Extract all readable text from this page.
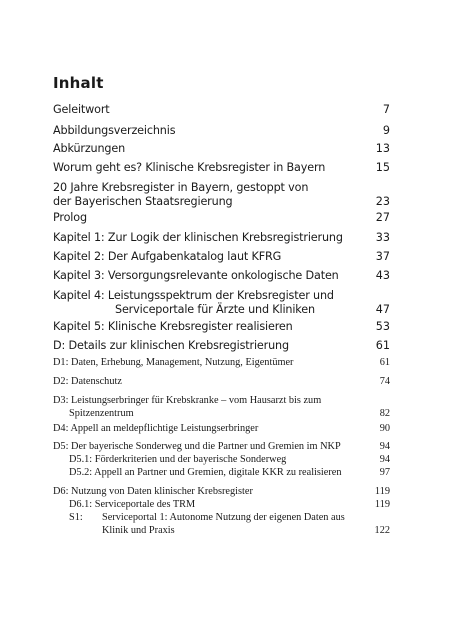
Inhalt
Geleitwort	7
Abbildungsverzeichnis	9
Abkürzungen	13
Worum geht es? Klinische Krebsregister in Bayern	15
20 Jahre Krebsregister in Bayern, gestoppt von
der Bayerischen Staatsregierung	23
Prolog	27
Kapitel 1: Zur Logik der klinischen Krebsregistrierung	33
Kapitel 2: Der Aufgabenkatalog laut KFRG	37
Kapitel 3: Versorgungsrelevante onkologische Daten	43
Kapitel 4: Leistungsspektrum der Krebsregister und
Serviceportale für Ärzte und Kliniken	47
Kapitel 5: Klinische Krebsregister realisieren	53
D: Details zur klinischen Krebsregistrierung	61
D1: Daten, Erhebung, Management, Nutzung, Eigentümer	61
D2: Datenschutz	74
D3: Leistungserbringer für Krebskranke – vom Hausarzt bis zum
Spitzenzentrum	82
D4: Appell an meldepflichtige Leistungserbringer	90
D5: Der bayerische Sonderweg und die Partner und Gremien im NKP	94
D5.1: Förderkriterien und der bayerische Sonderweg	94
D5.2: Appell an Partner und Gremien, digitale KKR zu realisieren	97
D6: Nutzung von Daten klinischer Krebsregister	119
D6.1: Serviceportale des TRM	119
S1:	Serviceportal 1: Autonome Nutzung der eigenen Daten aus
Klinik und Praxis	122
